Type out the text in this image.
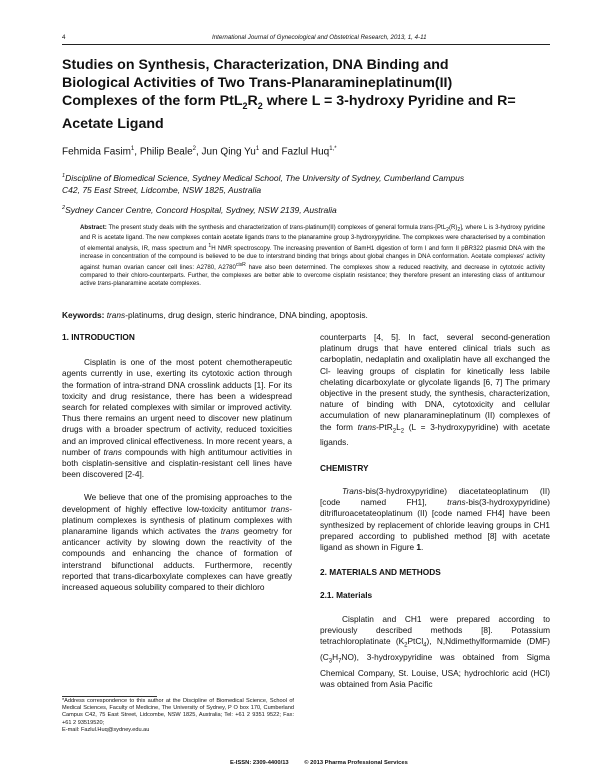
4	International Journal of Gynecological and Obstetrical Research, 2013, 1, 4-11
Studies on Synthesis, Characterization, DNA Binding and
Biological Activities of Two Trans-Planaramineplatinum(II)
Complexes of the form $PtL_2R_2$ where L = 3-hydroxy Pyridine and R=
Acetate Ligand
Fehmida Fasim$^1$, Philip Beale$^2$, Jun Qing Yu$^1$ and Fazlul Huq$^{1,*}$
$^1$Discipline of Biomedical Science, Sydney Medical School, The University of Sydney, Cumberland Campus
C42, 75 East Street, Lidcombe, NSW 1825, Australia
$^2$Sydney Cancer Centre, Concord Hospital, Sydney, NSW 2139, Australia
Abstract: The present study deals with the synthesis and characterization of trans-platinum(II) complexes of general formula trans-$[PtL_2(R)_2]$, where L is 3-hydroxy pyridine and R is acetate ligand. The new complexes contain acetate ligands trans to the planaramine group 3-hydroxypyridine. The complexes were characterised by a combination of elemental analysis, IR, mass spectrum and $^1$H NMR spectroscopy. The increasing prevention of BamH1 digestion of form I and form II pBR322 plasmid DNA with the increase in concentration of the compound is believed to be due to interstrand binding that brings about global changes in DNA conformation. Acetate complexes' activity against human ovarian cancer cell lines: A2780, $A2780^{cisR}$ have also been determined. The complexes show a reduced reactivity, and decrease in cytotoxic activity compared to their chloro-counterparts. Further, the complexes are better able to overcome cisplatin resistance; they therefore present an interesting class of antitumour active trans-planaramine acetate complexes.
Keywords: trans-platinums, drug design, steric hindrance, DNA binding, apoptosis.
1. INTRODUCTION

Cisplatin is one of the most potent chemotherapeutic agents currently in use, exerting its cytotoxic action through the formation of intra-strand DNA crosslink adducts [1]. For its toxicity and drug resistance, there has been a widespread search for related complexes with similar or improved activity. Thus there remains an urgent need to discover new platinum drugs with a broader spectrum of activity, reduced toxicities and an improved clinical effectiveness. In more recent years, a number of trans compounds with high antitumour activities in both cisplatin-sensitive and cisplatin-resistant cell lines have been discovered [2-4].

We believe that one of the promising approaches to the development of highly effective low-toxicity antitumor trans-platinum complexes is synthesis of platinum complexes with planaramine ligands which activates the trans geometry for anticancer activity by slowing down the reactivity of the compounds and enhancing the chance of formation of interstrand bifunctional adducts. Furthermore, recently reported that trans-dicarboxylate complexes can have greatly increased aqueous solubility compared to their dichloro

counterparts [4, 5]. In fact, several second-generation platinum drugs that have entered clinical trials such as carboplatin, nedaplatin and oxaliplatin have all exchanged the Cl- leaving groups of cisplatin for kinetically less labile chelating dicarboxylate or glycolate ligands [6, 7] The primary objective in the present study, the synthesis, characterization, nature of binding with DNA, cytotoxicity and cellular accumulation of new planaramineplatinum (II) complexes of the form trans-$PtR_2L_2$ (L = 3-hydroxypyridine) with acetate ligands.

CHEMISTRY

Trans-bis(3-hydroxypyridine) diacetateoplatinum (II) [code named FH1], trans-bis(3-hydroxypyridine) ditrifluroacetateoplatinum (II) [code named FH4] have been synthesized by replacement of chloride leaving groups in CH1 prepared according to published method [8] with acetate ligand as shown in Figure 1.

2. MATERIALS AND METHODS
2.1. Materials

Cisplatin and CH1 were prepared according to previously described methods [8]. Potassium tetrachloroplatinate $(K_2PtCl_4)$, N,Ndimethylformamide (DMF) $(C_3H_7NO)$, 3-hydroxypyridine was obtained from Sigma Chemical Company, St. Louise, USA; hydrochloric acid (HCl) was obtained from Asia Pacific

*Address correspondence to this author at the Discipline of Biomedical Science, School of Medical Sciences, Faculty of Medicine, The University of Sydney, P O box 170, Cumberland Campus C42, 75 East Street, Lidcombe, NSW 1825, Australia; Tel: +61 2 9351 9522; Fax: +61 2 93519520;
E-mail: Fazlul.Huq@sydney.edu.au
E-ISSN: 2309-4400/13	© 2013 Pharma Professional Services
